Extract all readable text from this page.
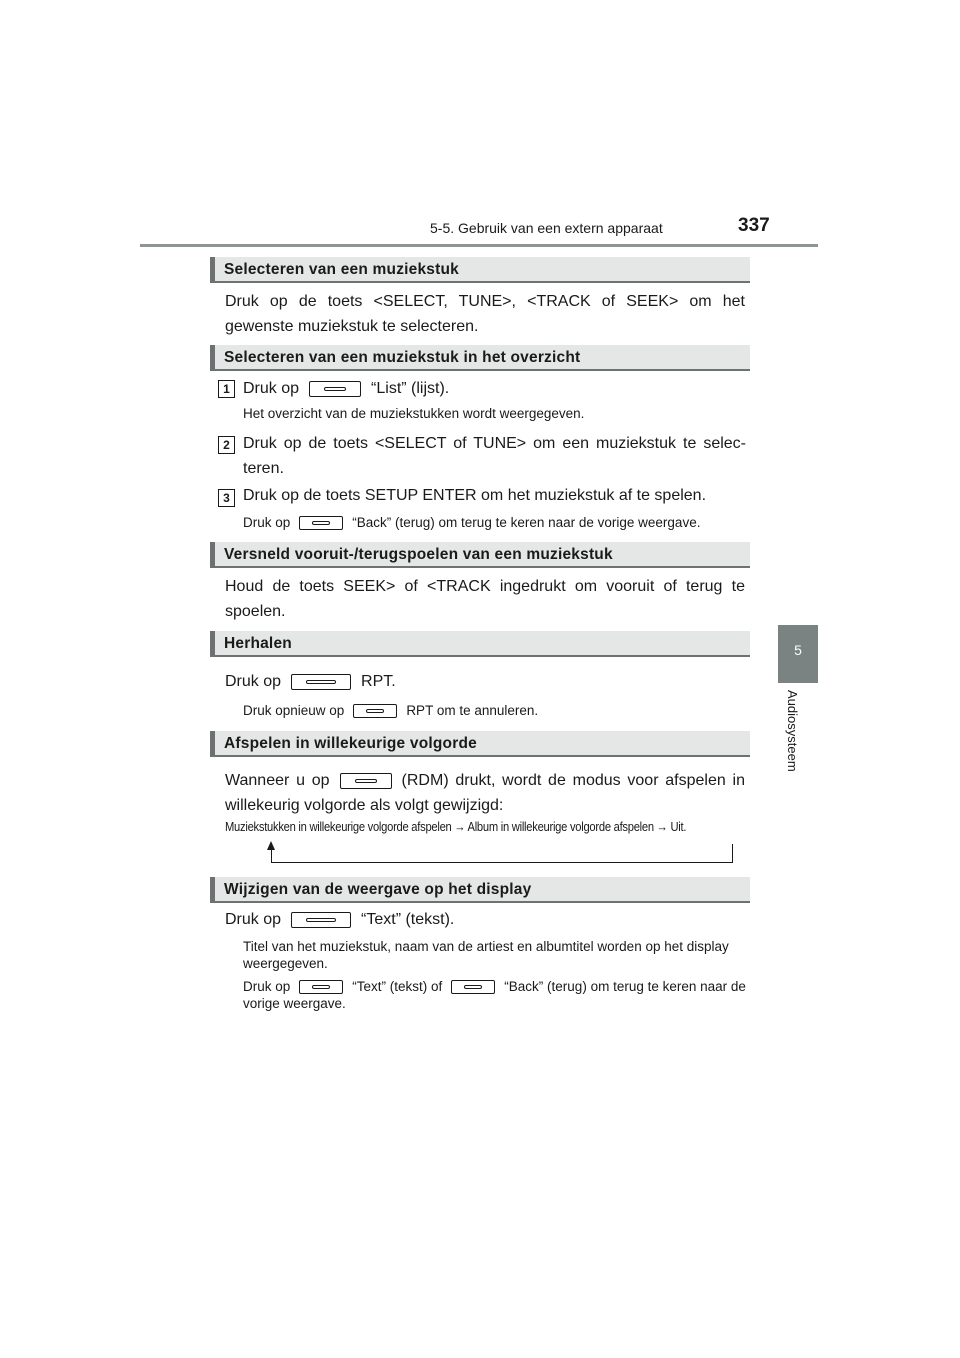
5-5. Gebruik van een extern apparaat	337
5
Audiosysteem
Selecteren van een muziekstuk
Druk op de toets <SELECT, TUNE>, <TRACK of SEEK> om het gewenste muziekstuk te selecteren.
Selecteren van een muziekstuk in het overzicht
1 Druk op	“List” (lijst).
Het overzicht van de muziekstukken wordt weergegeven.
2 Druk op de toets <SELECT of TUNE> om een muziekstuk te selec-teren.
3 Druk op de toets SETUP ENTER om het muziekstuk af te spelen.
Druk op	“Back” (terug) om terug te keren naar de vorige weergave.
Versneld vooruit-/terugspoelen van een muziekstuk
Houd de toets SEEK> of <TRACK ingedrukt om vooruit of terug te spoelen.
Herhalen
Druk op	RPT.
Druk opnieuw op	RPT om te annuleren.
Afspelen in willekeurige volgorde
Wanneer u op	(RDM) drukt, wordt de modus voor afspelen in willekeurig volgorde als volgt gewijzigd:
Muziekstukken in willekeurige volgorde afspelen → Album in willekeurige volgorde afspelen → Uit.
Wijzigen van de weergave op het display
Druk op	“Text” (tekst).
Titel van het muziekstuk, naam van de artiest en albumtitel worden op het display weergegeven.
Druk op	“Text” (tekst) of	“Back” (terug) om terug te keren naar de vorige weergave.
